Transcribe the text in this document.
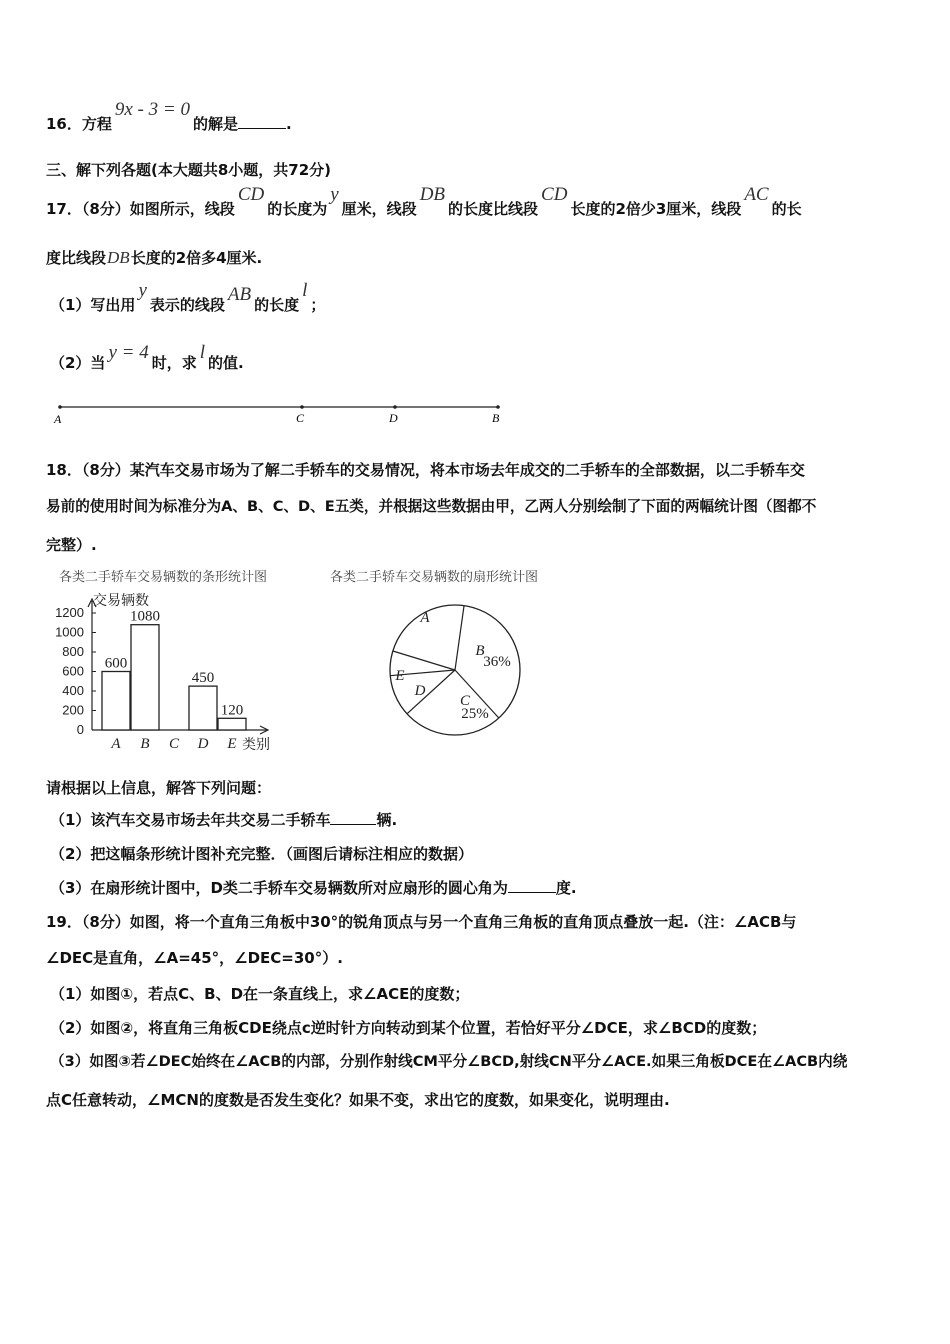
16．方程9x - 3 = 0的解是	.
三、解下列各题(本大题共8小题，共72分)
17．（8分）如图所示，线段CD的长度为y厘米，线段DB的长度比线段CD长度的2倍少3厘米，线段AC的长
度比线段DB长度的2倍多4厘米.
（1）写出用y表示的线段 AB 的长度l；
（2）当 y = 4 时，求 l 的值.
A	C	D	B
18．（8分）某汽车交易市场为了解二手轿车的交易情况，将本市场去年成交的二手轿车的全部数据，以二手轿车交
易前的使用时间为标准分为A、B、C、D、E五类，并根据这些数据由甲，乙两人分别绘制了下面的两幅统计图（图都不
完整）.
各类二手轿车交易辆数的条形统计图
交易辆数
0
200
400
600
800
1000
1200
600
A
1080
B C
450
D
120
E 类别
各类二手轿车交易辆数的扇形统计图
A
B
36%
C
25%
D
E
请根据以上信息，解答下列问题：
（1）该汽车交易市场去年共交易二手轿车	辆.
（2）把这幅条形统计图补充完整．（画图后请标注相应的数据）
（3）在扇形统计图中，D类二手轿车交易辆数所对应扇形的圆心角为	度.
19．（8分）如图，将一个直角三角板中30°的锐角顶点与另一个直角三角板的直角顶点叠放一起.（注：∠ACB与
∠DEC是直角，∠A=45°，∠DEC=30°）.
（1）如图①，若点C、B、D在一条直线上，求∠ACE的度数；
（2）如图②，将直角三角板CDE绕点c逆时针方向转动到某个位置，若恰好平分∠DCE，求∠BCD的度数；
（3）如图③若∠DEC始终在∠ACB的内部，分别作射线CM平分∠BCD,射线CN平分∠ACE.如果三角板DCE在∠ACB内绕
点C任意转动，∠MCN的度数是否发生变化？如果不变，求出它的度数，如果变化，说明理由.
